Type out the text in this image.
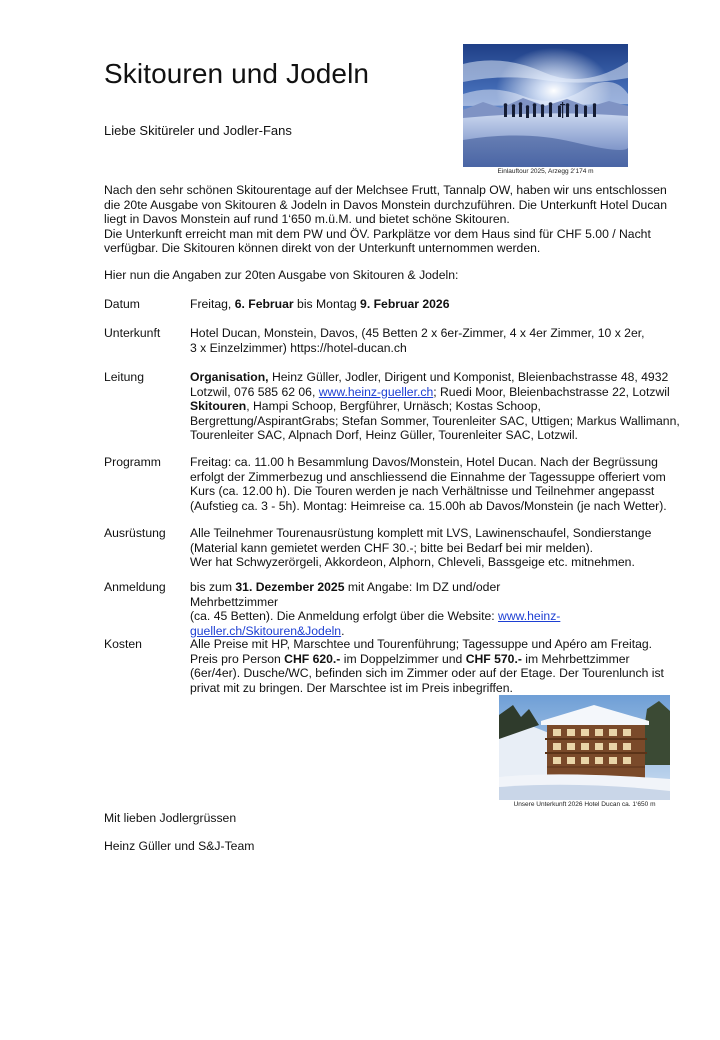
Skitouren und Jodeln
Liebe Skitüreler und Jodler-Fans
Einlauftour 2025, Arzegg 2’174 m

Nach den sehr schönen Skitourentage auf der Melchsee Frutt, Tannalp OW, haben wir uns entschlossen die 20te Ausgabe von Skitouren & Jodeln in Davos Monstein durchzuführen. Die Unterkunft Hotel Ducan liegt in Davos Monstein auf rund 1‘650 m.ü.M. und bietet schöne Skitouren.

Die Unterkunft erreicht man mit dem PW und ÖV. Parkplätze vor dem Haus sind für CHF 5.00 / Nacht verfügbar. Die Skitouren können direkt von der Unterkunft unternommen werden.

Hier nun die Angaben zur 20ten Ausgabe von Skitouren & Jodeln:
Datum	Freitag, 6. Februar bis Montag 9. Februar 2026
Unterkunft	Hotel Ducan, Monstein, Davos, (45 Betten 2 x 6er-Zimmer, 4 x 4er Zimmer, 10 x 2er,

3 x Einzelzimmer) https://hotel-ducan.ch

Leitung	Organisation, Heinz Güller, Jodler, Dirigent und Komponist, Bleienbachstrasse 48, 4932 Lotzwil, 076 585 62 06, www.heinz-gueller.ch; Ruedi Moor, Bleienbachstrasse 22, Lotzwil

Skitouren, Hampi Schoop, Bergführer, Urnäsch; Kostas Schoop, Bergrettung/AspirantGrabs; Stefan Sommer, Tourenleiter SAC, Uttigen; Markus Wallimann, Tourenleiter SAC, Alpnach Dorf, Heinz Güller, Tourenleiter SAC, Lotzwil.

Programm	Freitag: ca. 11.00 h Besammlung Davos/Monstein, Hotel Ducan. Nach der Begrüssung erfolgt der Zimmerbezug und anschliessend die Einnahme der Tagessuppe offeriert vom Kurs (ca. 12.00 h). Die Touren werden je nach Verhältnisse und Teilnehmer angepasst (Aufstieg ca. 3 - 5h). Montag: Heimreise ca. 15.00h ab Davos/Monstein (je nach Wetter).
Ausrüstung	Alle Teilnehmer Tourenausrüstung komplett mit LVS, Lawinenschaufel, Sondierstange (Material kann gemietet werden CHF 30.-; bitte bei Bedarf bei mir melden).

Wer hat Schwyzerörgeli, Akkordeon, Alphorn, Chleveli, Bassgeige etc. mitnehmen.

Anmeldung	bis zum 31. Dezember 2025 mit Angabe: Im DZ und/oder Mehrbettzimmer

(ca. 45 Betten). Die Anmeldung erfolgt über die Website: www.heinz-gueller.ch/Skitouren&Jodeln.

Kosten	Alle Preise mit HP, Marschtee und Tourenführung; Tagessuppe und Apéro am Freitag.

Preis pro Person CHF 620.- im Doppelzimmer und CHF 570.- im Mehrbettzimmer (6er/4er). Dusche/WC, befinden sich im Zimmer oder auf der Etage. Der Tourenlunch ist privat mit zu bringen. Der Marschtee ist im Preis inbegriffen.

Unsere Unterkunft 2026 Hotel Ducan ca. 1‘650 m
Mit lieben Jodlergrüssen
Heinz Güller und S&J-Team
